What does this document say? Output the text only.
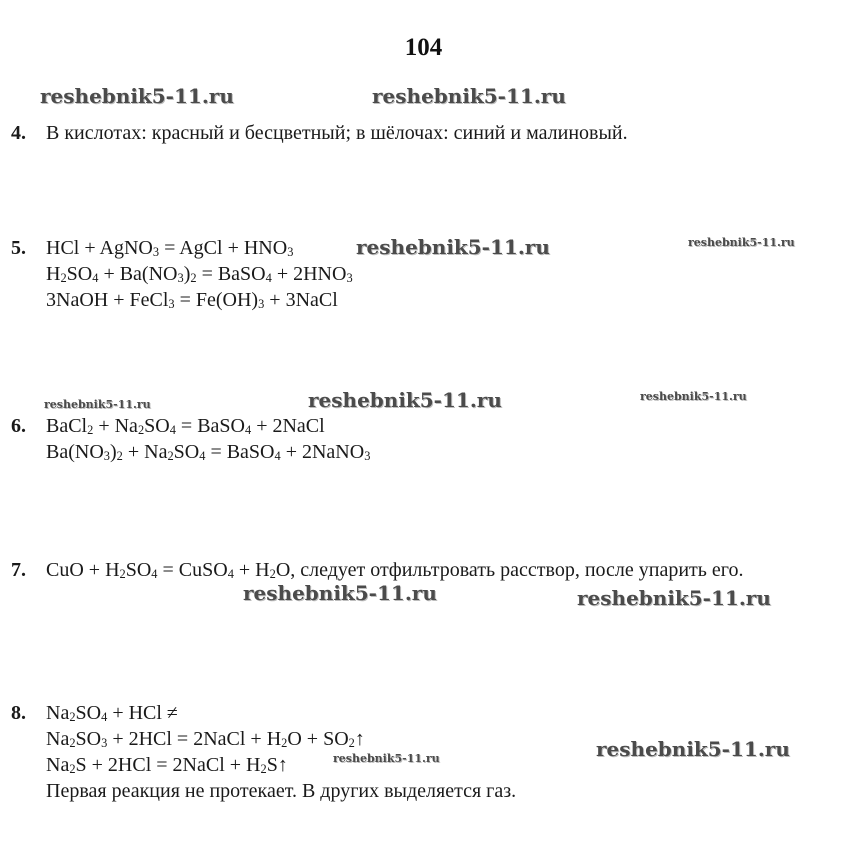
104
4. В кислотах: красный и бесцветный; в шёлочах: синий и малиновый.
5. HCl + AgNO$_3$ = AgCl + $HNO_3$
$H_2SO_4 + Ba(NO_3)_2$ = BaSO$_4$ + $2HNO_3$
3NaOH + FeCl$_3$ = $Fe(OH)_3$ + 3NaCl
6. BaCl$_2$ + $Na_2SO_4$ = BaSO$_4$ + 2NaCl
$Ba(NO_3)_2 + Na_2SO_4$ = BaSO$_4$ + 2NaNO$_3$
7. CuO + $H_2SO_4$ = CuSO$_4$ + $H_2O$, следует отфильтровать расствор, после упарить его.
8. $Na_2SO_4$ + HCl ≠
$Na_2SO_3 + 2HCl$ = 2NaCl + $H_2O$ + $SO_2↑$
$Na_2S + 2HCl$ = 2NaCl + $H_2S↑$
Первая реакция не протекает. В других выделяется газ.
reshebnik5-11.ru	reshebnik5-11.ru
reshebnik5-11.ru	reshebnik5-11.ru
reshebnik5-11.ru	reshebnik5-11.ru	reshebnik5-11.ru
reshebnik5-11.ru	reshebnik5-11.ru
reshebnik5-11.ru
reshebnik5-11.ru
